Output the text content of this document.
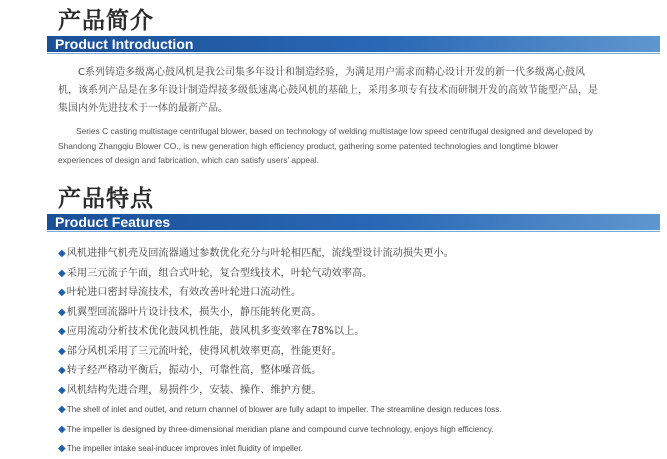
产品简介
Product Introduction
C系列铸造多级离心鼓风机是我公司集多年设计和制造经验，为满足用户需求而精心设计开发的新一代多级离心鼓风机，该系列产品是在多年设计制造焊接多级低速离心鼓风机的基础上，采用多项专有技术而研制开发的高效节能型产品，是集国内外先进技术于一体的最新产品。
Series C casting multistage centrifugal blower, based on technology of welding multistage low speed centrifugal designed and developed by Shandong Zhangqiu Blower CO., is new generation high efficiency product, gathering some patented technologies and longtime blower experiences of design and fabrication, which can satisfy users' appeal.
产品特点
Product Features
◆风机进排气机壳及回流器通过参数优化充分与叶轮相匹配，流线型设计流动损失更小。
◆采用三元流子午面，组合式叶轮，复合型线技术，叶轮气动效率高。
◆叶轮进口密封导流技术，有效改善叶轮进口流动性。
◆机翼型回流器叶片设计技术，损失小，静压能转化更高。
◆应用流动分析技术优化鼓风机性能，鼓风机多变效率在78%以上。
◆部分风机采用了三元流叶轮，使得风机效率更高，性能更好。
◆转子经严格动平衡后，振动小，可靠性高，整体噪音低。
◆风机结构先进合理，易损件少，安装、操作、维护方便。
◆The shell of inlet and outlet, and return channel of blower are fully adapt to impeller. The streamline design reduces loss.
◆The impeller is designed by three-dimensional meridian plane and compound curve technology, enjoys high efficiency.
◆The impeller intake seal-inducer improves inlet fluidity of impeller.
